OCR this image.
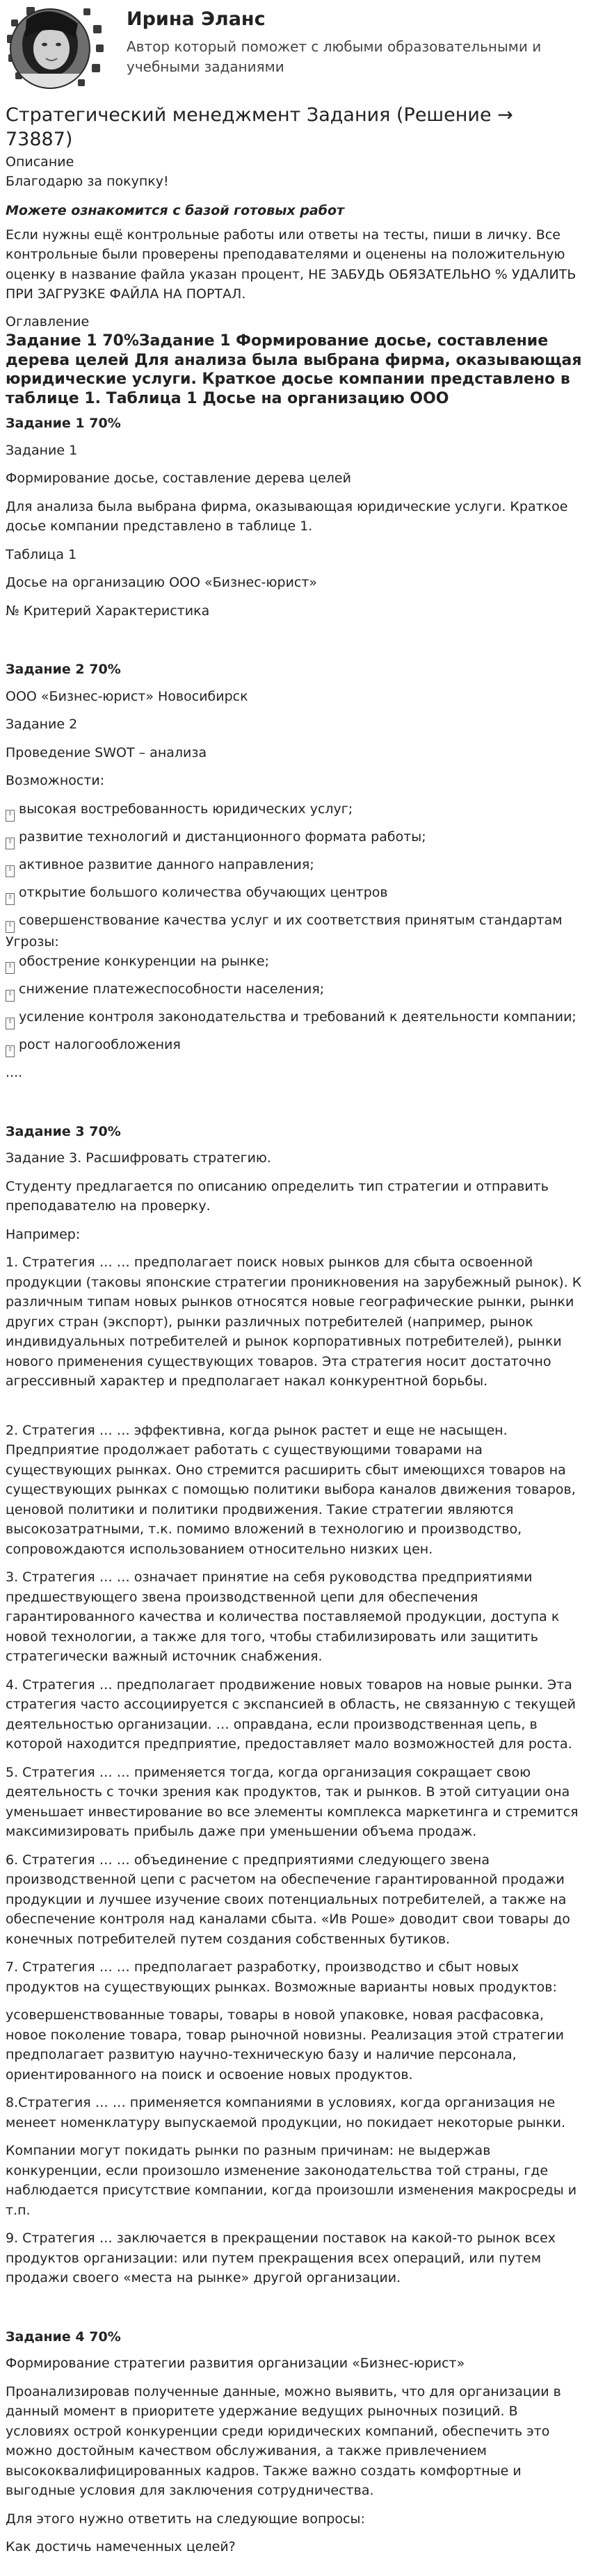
Ирина Эланс
Автор который поможет с любыми образовательными и учебными заданиями
Стратегический менеджмент Задания (Решение → 73887)

Описание

Благодарю за покупку!

Можете ознакомится с базой готовых работ

Если нужны ещё контрольные работы или ответы на тесты, пиши в личку. Все контрольные были проверены преподавателями и оценены на положительную оценку в название файла указан процент, НЕ ЗАБУДЬ ОБЯЗАТЕЛЬНО % УДАЛИТЬ ПРИ ЗАГРУЗКЕ ФАЙЛА НА ПОРТАЛ.

Оглавление

Задание 1 70%Задание 1 Формирование досье, составление дерева целей Для анализа была выбрана фирма, оказывающая юридические услуги. Краткое досье компании представлено в таблице 1. Таблица 1 Досье на организацию ООО

Задание 1 70%

Задание 1

Формирование досье, составление дерева целей

Для анализа была выбрана фирма, оказывающая юридические услуги. Краткое досье компании представлено в таблице 1.

Таблица 1

Досье на организацию ООО «Бизнес-юрист»

№ Критерий Характеристика

Задание 2 70%

ООО «Бизнес-юрист» Новосибирск

Задание 2

Проведение SWOT – анализа

Возможности:

▯ высокая востребованность юридических услуг;

▯ развитие технологий и дистанционного формата работы;

▯ активное развитие данного направления;

▯ открытие большого количества обучающих центров

▯ совершенствование качества услуг и их соответствия принятым стандартам

Угрозы:

▯ обострение конкуренции на рынке;

▯ снижение платежеспособности населения;

▯ усиление контроля законодательства и требований к деятельности компании;

▯ рост налогообложения

....

Задание 3 70%

Задание 3. Расшифровать стратегию.

Студенту предлагается по описанию определить тип стратегии и отправить преподавателю на проверку.

Например:

1. Стратегия … … предполагает поиск новых рынков для сбыта освоенной продукции (таковы японские стратегии проникновения на зарубежный рынок). К различным типам новых рынков относятся новые географические рынки, рынки других стран (экспорт), рынки различных потребителей (например, рынок индивидуальных потребителей и рынок корпоративных потребителей), рынки нового применения существующих товаров. Эта стратегия носит достаточно агрессивный характер и предполагает накал конкурентной борьбы.

2. Стратегия … … эффективна, когда рынок растет и еще не насыщен. Предприятие продолжает работать с существующими товарами на существующих рынках. Оно стремится расширить сбыт имеющихся товаров на существующих рынках с помощью политики выбора каналов движения товаров, ценовой политики и политики продвижения. Такие стратегии являются высокозатратными, т.к. помимо вложений в технологию и производство, сопровождаются использованием относительно низких цен.

3. Стратегия … … означает принятие на себя руководства предприятиями предшествующего звена производственной цепи для обеспечения гарантированного качества и количества поставляемой продукции, доступа к новой технологии, а также для того, чтобы стабилизировать или защитить стратегически важный источник снабжения.

4. Стратегия … предполагает продвижение новых товаров на новые рынки. Эта стратегия часто ассоциируется с экспансией в область, не связанную с текущей деятельностью организации. … оправдана, если производственная цепь, в которой находится предприятие, предоставляет мало возможностей для роста.

5. Стратегия … … применяется тогда, когда организация сокращает свою деятельность с точки зрения как продуктов, так и рынков. В этой ситуации она уменьшает инвестирование во все элементы комплекса маркетинга и стремится максимизировать прибыль даже при уменьшении объема продаж.

6. Стратегия … … объединение с предприятиями следующего звена производственной цепи с расчетом на обеспечение гарантированной продажи продукции и лучшее изучение своих потенциальных потребителей, а также на обеспечение контроля над каналами сбыта. «Ив Роше» доводит свои товары до конечных потребителей путем создания собственных бутиков.

7. Стратегия … … предполагает разработку, производство и сбыт новых продуктов на существующих рынках. Возможные варианты новых продуктов:

усовершенствованные товары, товары в новой упаковке, новая расфасовка, новое поколение товара, товар рыночной новизны. Реализация этой стратегии предполагает развитую научно-техническую базу и наличие персонала, ориентированного на поиск и освоение новых продуктов.

8.Стратегия … … применяется компаниями в условиях, когда организация не менеет номенклатуру выпускаемой продукции, но покидает некоторые рынки.

Компании могут покидать рынки по разным причинам: не выдержав конкуренции, если произошло изменение законодательства той страны, где наблюдается присутствие компании, когда произошли изменения макросреды и т.п.

9. Стратегия … заключается в прекращении поставок на какой-то рынок всех продуктов организации: или путем прекращения всех операций, или путем продажи своего «места на рынке» другой организации.

Задание 4 70%

Формирование стратегии развития организации «Бизнес-юрист»

Проанализировав полученные данные, можно выявить, что для организации в данный момент в приоритете удержание ведущих рыночных позиций. В условиях острой конкуренции среди юридических компаний, обеспечить это можно достойным качеством обслуживания, а также привлечением высококвалифицированных кадров. Также важно создать комфортные и выгодные условия для заключения сотрудничества.

Для этого нужно ответить на следующие вопросы:

Как достичь намеченных целей?
